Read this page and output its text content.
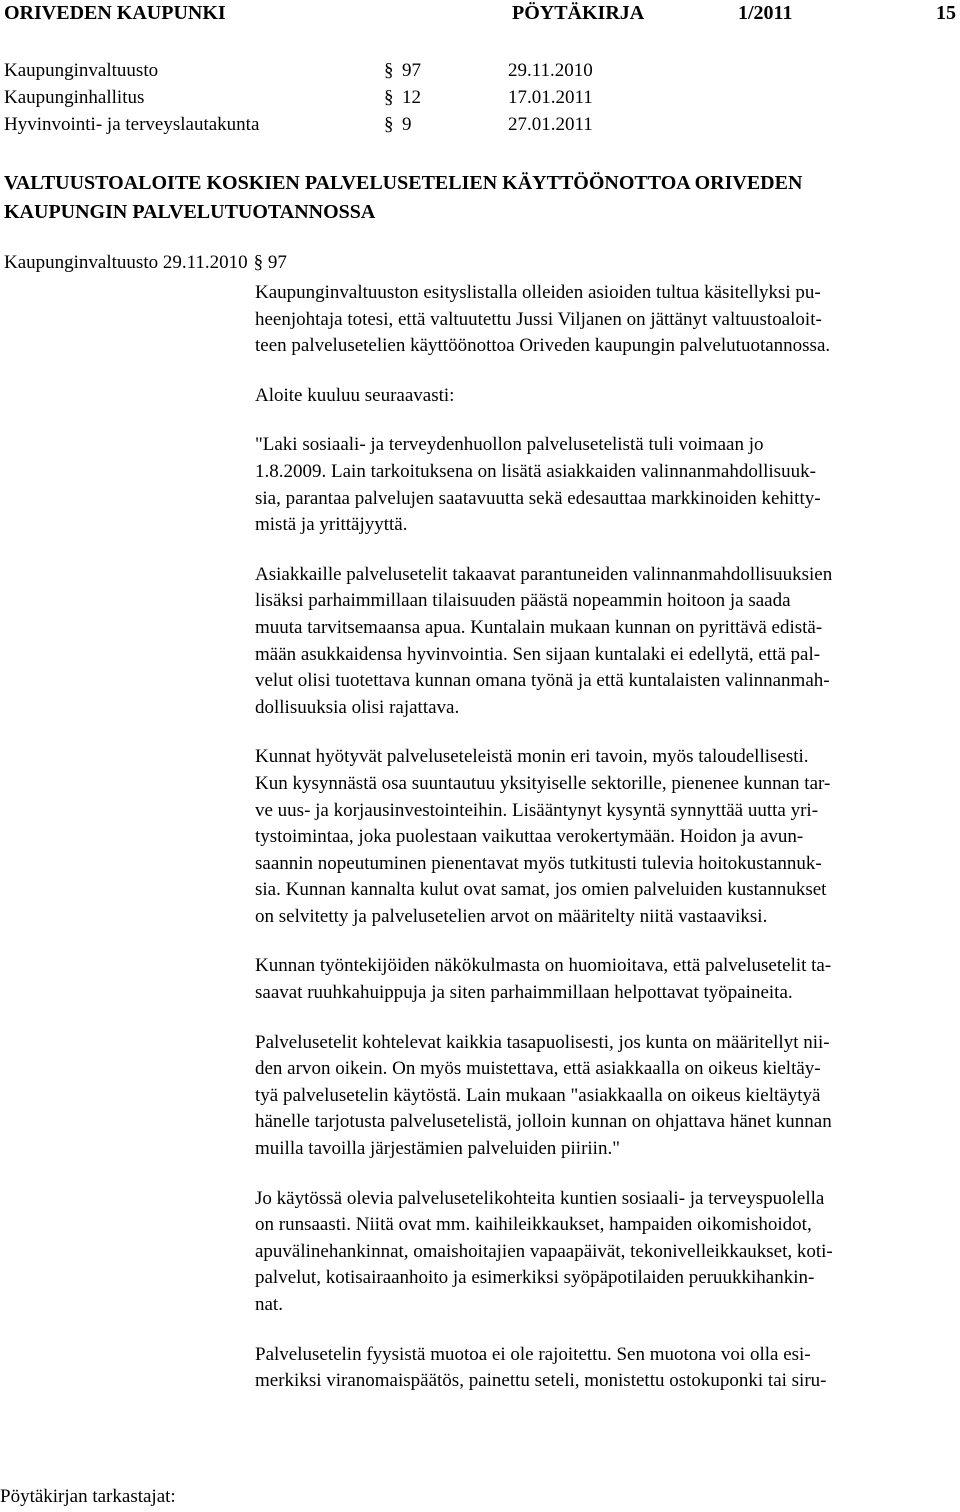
ORIVEDEN KAUPUNKI	PÖYTÄKIRJA	1/2011	15
Kaupunginvaltuusto	§ 97	29.11.2010
Kaupunginhallitus	§ 12	17.01.2011
Hyvinvointi- ja terveyslautakunta	§ 9	27.01.2011
VALTUUSTOALOITE KOSKIEN PALVELUSETELIEN KÄYTTÖÖNOTTOA ORIVEDEN
KAUPUNGIN PALVELUTUOTANNOSSA
Kaupunginvaltuusto 29.11.2010 § 97
Kaupunginvaltuuston esityslistalla olleiden asioiden tultua käsitellyksi pu-
heenjohtaja totesi, että valtuutettu Jussi Viljanen on jättänyt valtuustoaloit-
teen palvelusetelien käyttöönottoa Oriveden kaupungin palvelutuotannossa.
Aloite kuuluu seuraavasti:
"Laki sosiaali- ja terveydenhuollon palvelusetelistä tuli voimaan jo
1.8.2009. Lain tarkoituksena on lisätä asiakkaiden valinnanmahdollisuuk-
sia, parantaa palvelujen saatavuutta sekä edesauttaa markkinoiden kehitty-
mistä ja yrittäjyyttä.
Asiakkaille palvelusetelit takaavat parantuneiden valinnanmahdollisuuksien
lisäksi parhaimmillaan tilaisuuden päästä nopeammin hoitoon ja saada
muuta tarvitsemaansa apua. Kuntalain mukaan kunnan on pyrittävä edistä-
mään asukkaidensa hyvinvointia. Sen sijaan kuntalaki ei edellytä, että pal-
velut olisi tuotettava kunnan omana työnä ja että kuntalaisten valinnanmah-
dollisuuksia olisi rajattava.
Kunnat hyötyvät palveluseteleistä monin eri tavoin, myös taloudellisesti.
Kun kysynnästä osa suuntautuu yksityiselle sektorille, pienenee kunnan tar-
ve uus- ja korjausinvestointeihin. Lisääntynyt kysyntä synnyttää uutta yri-
tystoimintaa, joka puolestaan vaikuttaa verokertymään. Hoidon ja avun-
saannin nopeutuminen pienentavat myös tutkitusti tulevia hoitokustannuk-
sia. Kunnan kannalta kulut ovat samat, jos omien palveluiden kustannukset
on selvitetty ja palvelusetelien arvot on määritelty niitä vastaaviksi.
Kunnan työntekijöiden näkökulmasta on huomioitava, että palvelusetelit ta-
saavat ruuhkahuippuja ja siten parhaimmillaan helpottavat työpaineita.
Palvelusetelit kohtelevat kaikkia tasapuolisesti, jos kunta on määritellyt nii-
den arvon oikein. On myös muistettava, että asiakkaalla on oikeus kieltäy-
tyä palvelusetelin käytöstä. Lain mukaan "asiakkaalla on oikeus kieltäytyä
hänelle tarjotusta palvelusetelistä, jolloin kunnan on ohjattava hänet kunnan
muilla tavoilla järjestämien palveluiden piiriin."
Jo käytössä olevia palvelusetelikohteita kuntien sosiaali- ja terveyspuolella
on runsaasti. Niitä ovat mm. kaihileikkaukset, hampaiden oikomishoidot,
apuvälinehankinnat, omaishoitajien vapaapäivät, tekonivelleikkaukset, koti-
palvelut, kotisairaanhoito ja esimerkiksi syöpäpotilaiden peruukkihankin-
nat.
Palvelusetelin fyysistä muotoa ei ole rajoitettu. Sen muotona voi olla esi-
merkiksi viranomaispäätös, painettu seteli, monistettu ostokuponki tai siru-
Pöytäkirjan tarkastajat:
